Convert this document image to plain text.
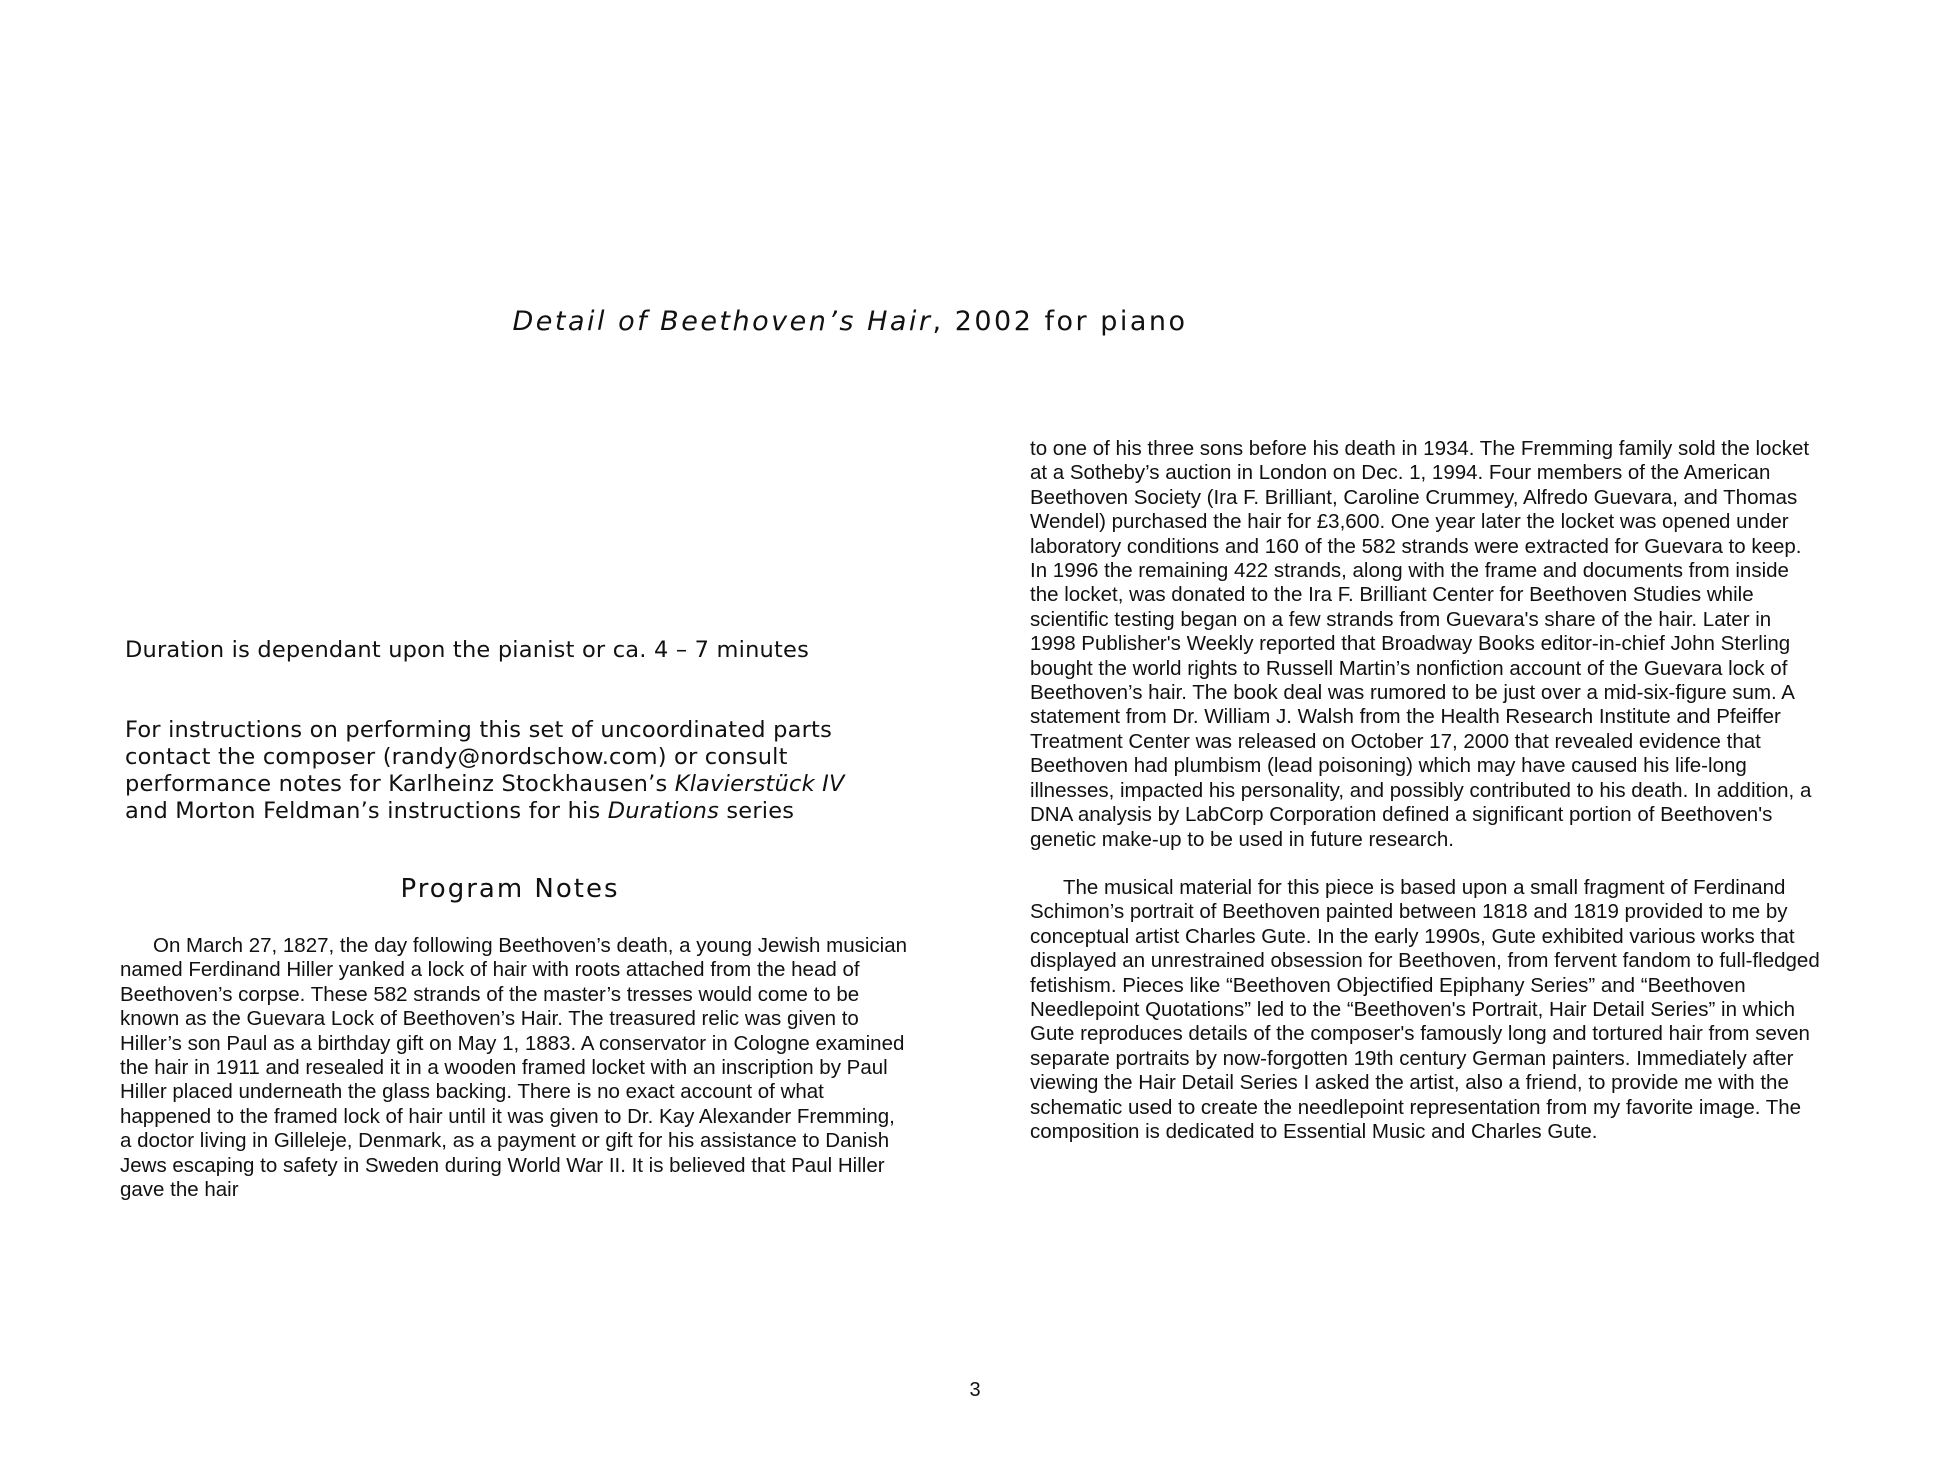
Detail of Beethoven’s Hair, 2002 for piano

Duration is dependant upon the pianist or ca. 4 – 7 minutes

For instructions on performing this set of uncoordinated parts
contact the composer (randy@nordschow.com) or consult
performance notes for Karlheinz Stockhausen’s Klavierstück IV
and Morton Feldman’s instructions for his Durations series
Program Notes

On March 27, 1827, the day following Beethoven’s death, a young Jewish musician named Ferdinand Hiller yanked a lock of hair with roots attached from the head of Beethoven’s corpse. These 582 strands of the master’s tresses would come to be known as the Guevara Lock of Beethoven’s Hair. The treasured relic was given to Hiller’s son Paul as a birthday gift on May 1, 1883. A conservator in Cologne examined the hair in 1911 and resealed it in a wooden framed locket with an inscription by Paul Hiller placed underneath the glass backing. There is no exact account of what happened to the framed lock of hair until it was given to Dr. Kay Alexander Fremming, a doctor living in Gilleleje, Denmark, as a payment or gift for his assistance to Danish Jews escaping to safety in Sweden during World War II. It is believed that Paul Hiller gave the hair

to one of his three sons before his death in 1934. The Fremming family sold the locket at a Sotheby’s auction in London on Dec. 1, 1994. Four members of the American Beethoven Society (Ira F. Brilliant, Caroline Crummey, Alfredo Guevara, and Thomas Wendel) purchased the hair for £3,600. One year later the locket was opened under laboratory conditions and 160 of the 582 strands were extracted for Guevara to keep. In 1996 the remaining 422 strands, along with the frame and documents from inside the locket, was donated to the Ira F. Brilliant Center for Beethoven Studies while scientific testing began on a few strands from Guevara's share of the hair. Later in 1998 Publisher's Weekly reported that Broadway Books editor-in-chief John Sterling bought the world rights to Russell Martin’s nonfiction account of the Guevara lock of Beethoven’s hair. The book deal was rumored to be just over a mid-six-figure sum. A statement from Dr. William J. Walsh from the Health Research Institute and Pfeiffer Treatment Center was released on October 17, 2000 that revealed evidence that Beethoven had plumbism (lead poisoning) which may have caused his life-long illnesses, impacted his personality, and possibly contributed to his death. In addition, a DNA analysis by LabCorp Corporation defined a significant portion of Beethoven's genetic make-up to be used in future research.

The musical material for this piece is based upon a small fragment of Ferdinand Schimon’s portrait of Beethoven painted between 1818 and 1819 provided to me by conceptual artist Charles Gute. In the early 1990s, Gute exhibited various works that displayed an unrestrained obsession for Beethoven, from fervent fandom to full-fledged fetishism. Pieces like “Beethoven Objectified Epiphany Series” and “Beethoven Needlepoint Quotations” led to the “Beethoven's Portrait, Hair Detail Series” in which Gute reproduces details of the composer's famously long and tortured hair from seven separate portraits by now-forgotten 19th century German painters. Immediately after viewing the Hair Detail Series I asked the artist, also a friend, to provide me with the schematic used to create the needlepoint representation from my favorite image. The composition is dedicated to Essential Music and Charles Gute.

3
